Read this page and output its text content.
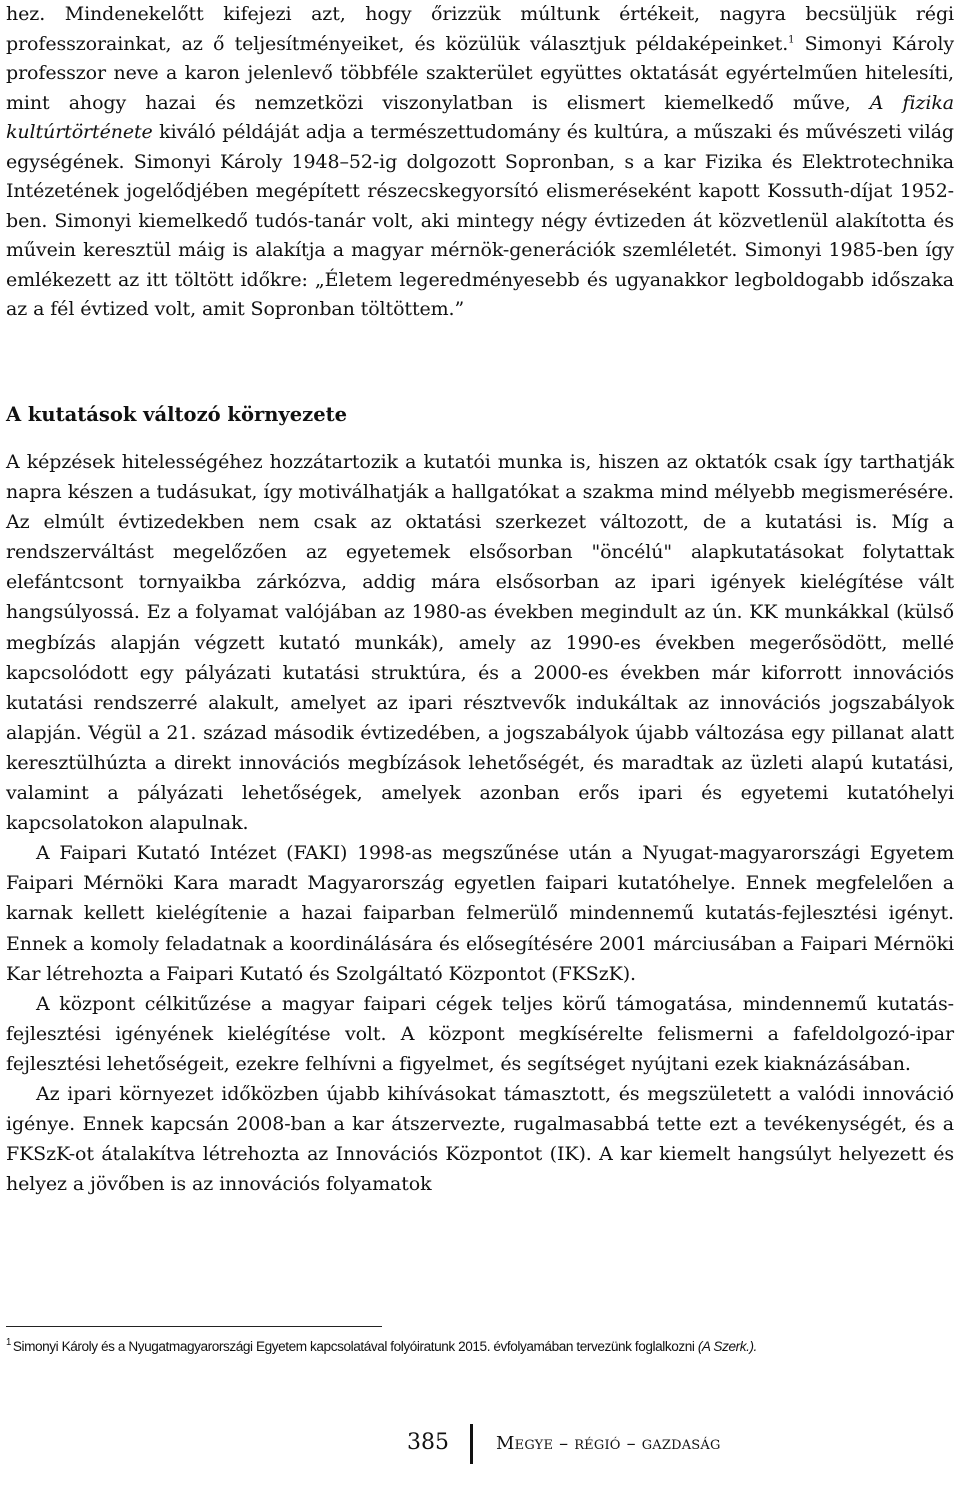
hez. Mindenekelőtt kifejezi azt, hogy őrizzük múltunk értékeit, nagyra becsüljük régi professzorainkat, az ő teljesítményeiket, és közülük választjuk példaképeinket.$^1$ Simonyi Károly professzor neve a karon jelenlevő többféle szakterület együttes oktatását egyértelműen hitelesíti, mint ahogy hazai és nemzetközi viszonylatban is elismert kiemelkedő műve, A fizika kultúrtörténete kiváló példáját adja a természettudomány és kultúra, a műszaki és művészeti világ egységének. Simonyi Károly 1948–52-ig dolgozott Sopronban, s a kar Fizika és Elektrotechnika Intézetének jogelődjében megépített részecskegyorsító elismeréseként kapott Kossuth-díjat 1952-ben. Simonyi kiemelkedő tudós-tanár volt, aki mintegy négy évtizeden át közvetlenül alakította és művein keresztül máig is alakítja a magyar mérnök-generációk szemléletét. Simonyi 1985-ben így emlékezett az itt töltött időkre: „Életem legeredményesebb és ugyanakkor legboldogabb időszaka az a fél évtized volt, amit Sopronban töltöttem.”

A kutatások változó környezete

A képzések hitelességéhez hozzátartozik a kutatói munka is, hiszen az oktatók csak így tarthatják napra készen a tudásukat, így motiválhatják a hallgatókat a szakma mind mélyebb megismerésére. Az elmúlt évtizedekben nem csak az oktatási szerkezet változott, de a kutatási is. Míg a rendszerváltást megelőzően az egyetemek elsősorban "öncélú" alapkutatásokat folytattak elefántcsont tornyaikba zárkózva, addig mára elsősorban az ipari igények kielégítése vált hangsúlyossá. Ez a folyamat valójában az 1980-as években megindult az ún. KK munkákkal (külső megbízás alapján végzett kutató munkák), amely az 1990-es években megerősödött, mellé kapcsolódott egy pályázati kutatási struktúra, és a 2000-es években már kiforrott innovációs kutatási rendszerré alakult, amelyet az ipari résztvevők indukáltak az innovációs jogszabályok alapján. Végül a 21. század második évtizedében, a jogszabályok újabb változása egy pillanat alatt keresztülhúzta a direkt innovációs megbízások lehetőségét, és maradtak az üzleti alapú kutatási, valamint a pályázati lehetőségek, amelyek azonban erős ipari és egyetemi kutatóhelyi kapcsolatokon alapulnak.

A Faipari Kutató Intézet (FAKI) 1998-as megszűnése után a Nyugat-magyarországi Egyetem Faipari Mérnöki Kara maradt Magyarország egyetlen faipari kutatóhelye. Ennek megfelelően a karnak kellett kielégítenie a hazai faiparban felmerülő mindennemű kutatás-fejlesztési igényt. Ennek a komoly feladatnak a koordinálására és elősegítésére 2001 márciusában a Faipari Mérnöki Kar létrehozta a Faipari Kutató és Szolgáltató Központot (FKSzK).

A központ célkitűzése a magyar faipari cégek teljes körű támogatása, mindennemű kutatás-fejlesztési igényének kielégítése volt. A központ megkísérelte felismerni a fafeldolgozó-ipar fejlesztési lehetőségeit, ezekre felhívni a figyelmet, és segítséget nyújtani ezek kiaknázásában.

Az ipari környezet időközben újabb kihívásokat támasztott, és megszületett a valódi innováció igénye. Ennek kapcsán 2008-ban a kar átszervezte, rugalmasabbá tette ezt a tevékenységét, és a FKSzK-ot átalakítva létrehozta az Innovációs Központot (IK). A kar kiemelt hangsúlyt helyezett és helyez a jövőben is az innovációs folyamatok

$^1$ Simonyi Károly és a Nyugatmagyarországi Egyetem kapcsolatával folyóiratunk 2015. évfolyamában tervezünk foglalkozni (A Szerk.).
385	Megye – régió – gazdaság
